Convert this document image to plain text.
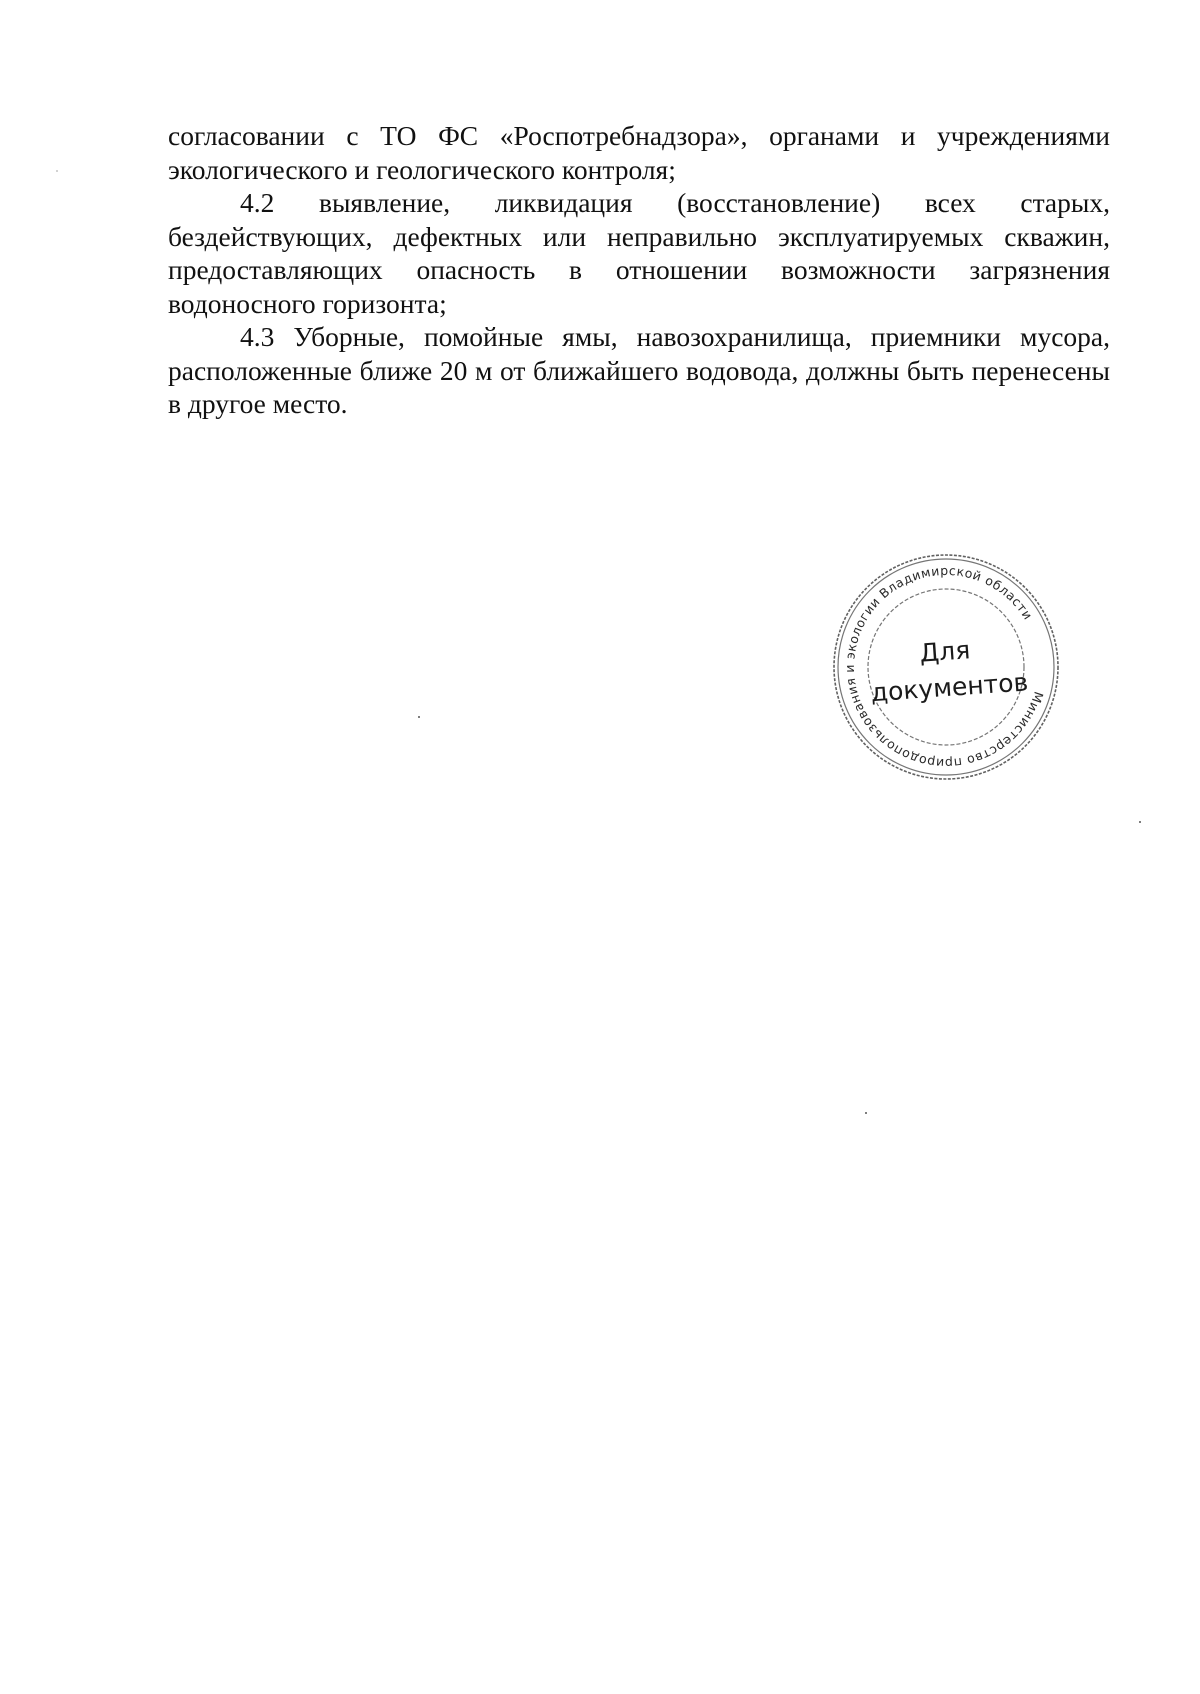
согласовании с ТО ФС «Роспотребнадзора», органами и учреждениями экологического и геологического контроля;

4.2 выявление, ликвидация (восстановление) всех старых, бездействующих, дефектных или неправильно эксплуатируемых скважин, предоставляющих опасность в отношении возможности загрязнения водоносного горизонта;

4.3 Уборные, помойные ямы, навозохранилища, приемники мусора, расположенные ближе 20 м от ближайшего водовода, должны быть перенесены в другое место.

Министерство природопользования и экологии Владимирской области
Для
документов
